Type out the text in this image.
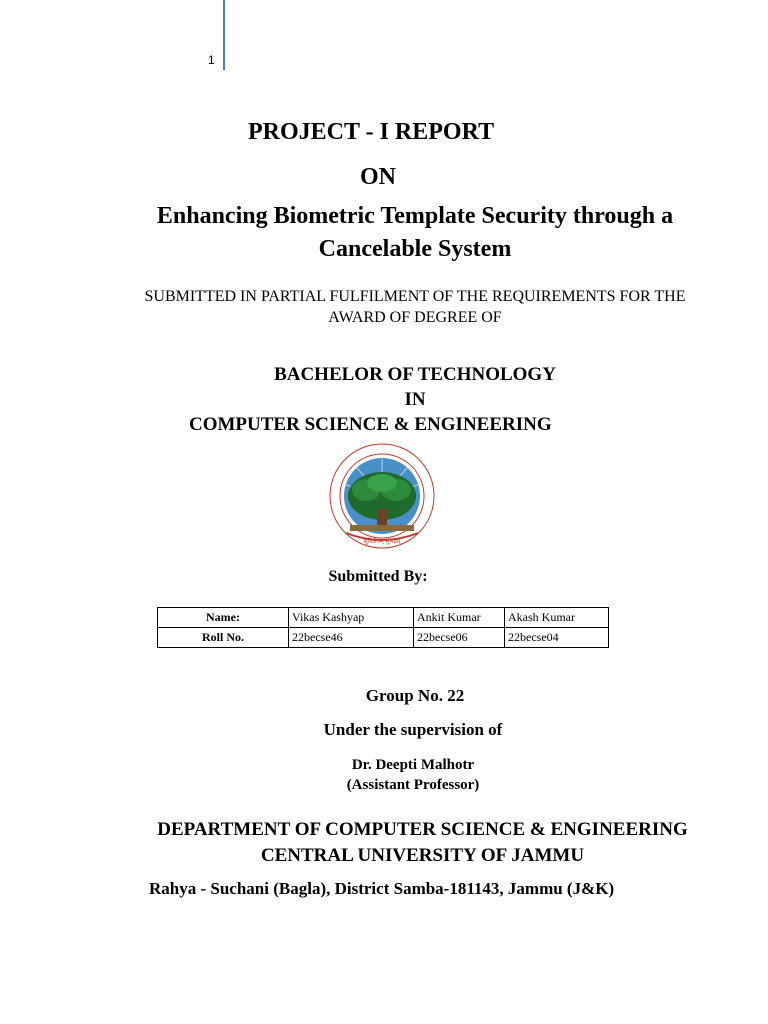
1
PROJECT - I REPORT
ON
Enhancing Biometric Template Security through a
Cancelable System
SUBMITTED IN PARTIAL FULFILMENT OF THE REQUIREMENTS FOR THE
AWARD OF DEGREE OF
BACHELOR OF TECHNOLOGY
IN
COMPUTER SCIENCE & ENGINEERING
सुविज्ञेयम् सुभद्रम्
Submitted By:
Name:	Vikas Kashyap	Ankit Kumar	Akash Kumar
Roll No.	22becse46	22becse06	22becse04
Group No. 22
Under the supervision of
Dr. Deepti Malhotr
(Assistant Professor)
DEPARTMENT OF COMPUTER SCIENCE & ENGINEERING
CENTRAL UNIVERSITY OF JAMMU
Rahya - Suchani (Bagla), District Samba-181143, Jammu (J&K)
